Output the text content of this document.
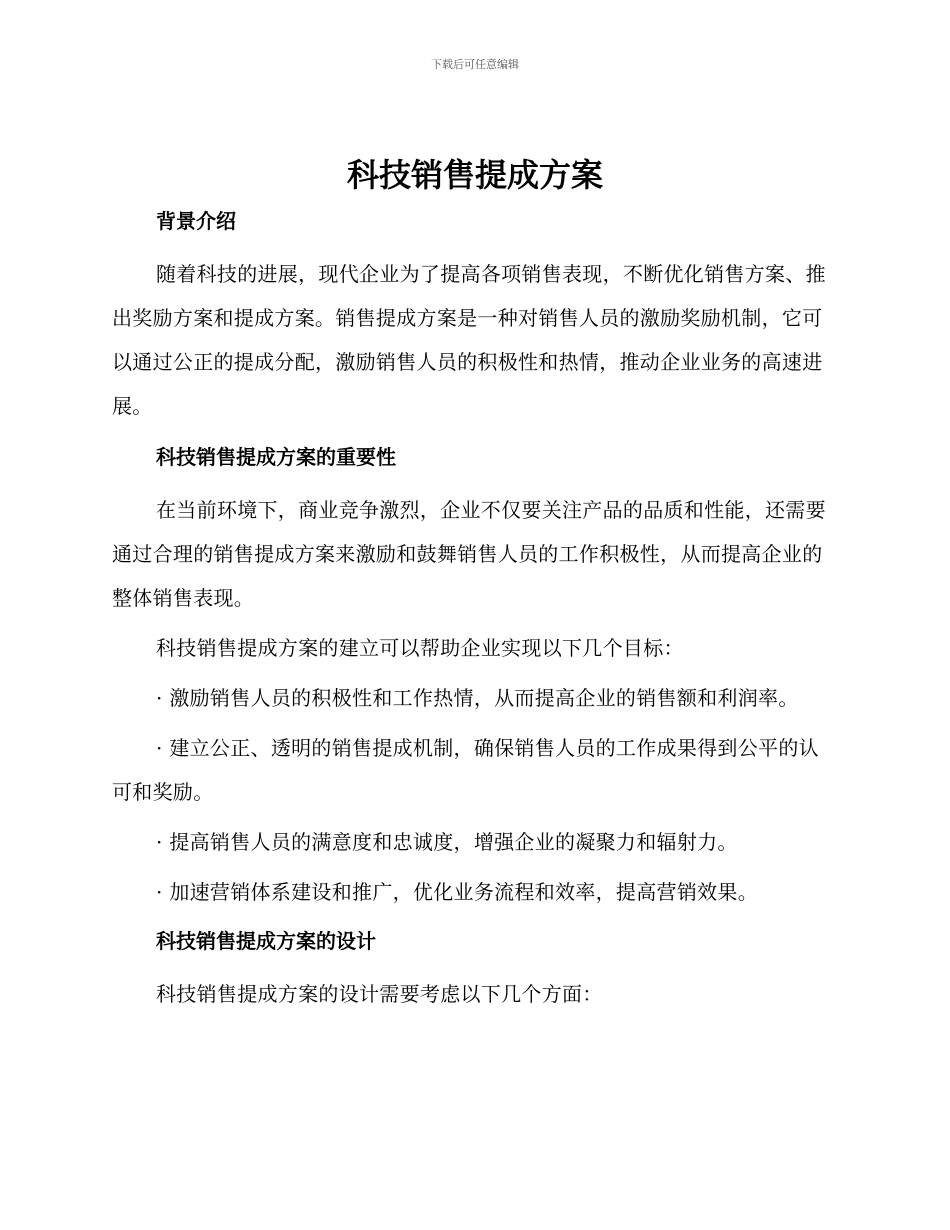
下载后可任意编辑
科技销售提成方案
背景介绍

随着科技的进展，现代企业为了提高各项销售表现，不断优化销售方案、推出奖励方案和提成方案。销售提成方案是一种对销售人员的激励奖励机制，它可以通过公正的提成分配，激励销售人员的积极性和热情，推动企业业务的高速进展。

科技销售提成方案的重要性

在当前环境下，商业竞争激烈，企业不仅要关注产品的品质和性能，还需要通过合理的销售提成方案来激励和鼓舞销售人员的工作积极性，从而提高企业的整体销售表现。

科技销售提成方案的建立可以帮助企业实现以下几个目标：

· 激励销售人员的积极性和工作热情，从而提高企业的销售额和利润率。

· 建立公正、透明的销售提成机制，确保销售人员的工作成果得到公平的认可和奖励。

· 提高销售人员的满意度和忠诚度，增强企业的凝聚力和辐射力。

· 加速营销体系建设和推广，优化业务流程和效率，提高营销效果。

科技销售提成方案的设计

科技销售提成方案的设计需要考虑以下几个方面：
